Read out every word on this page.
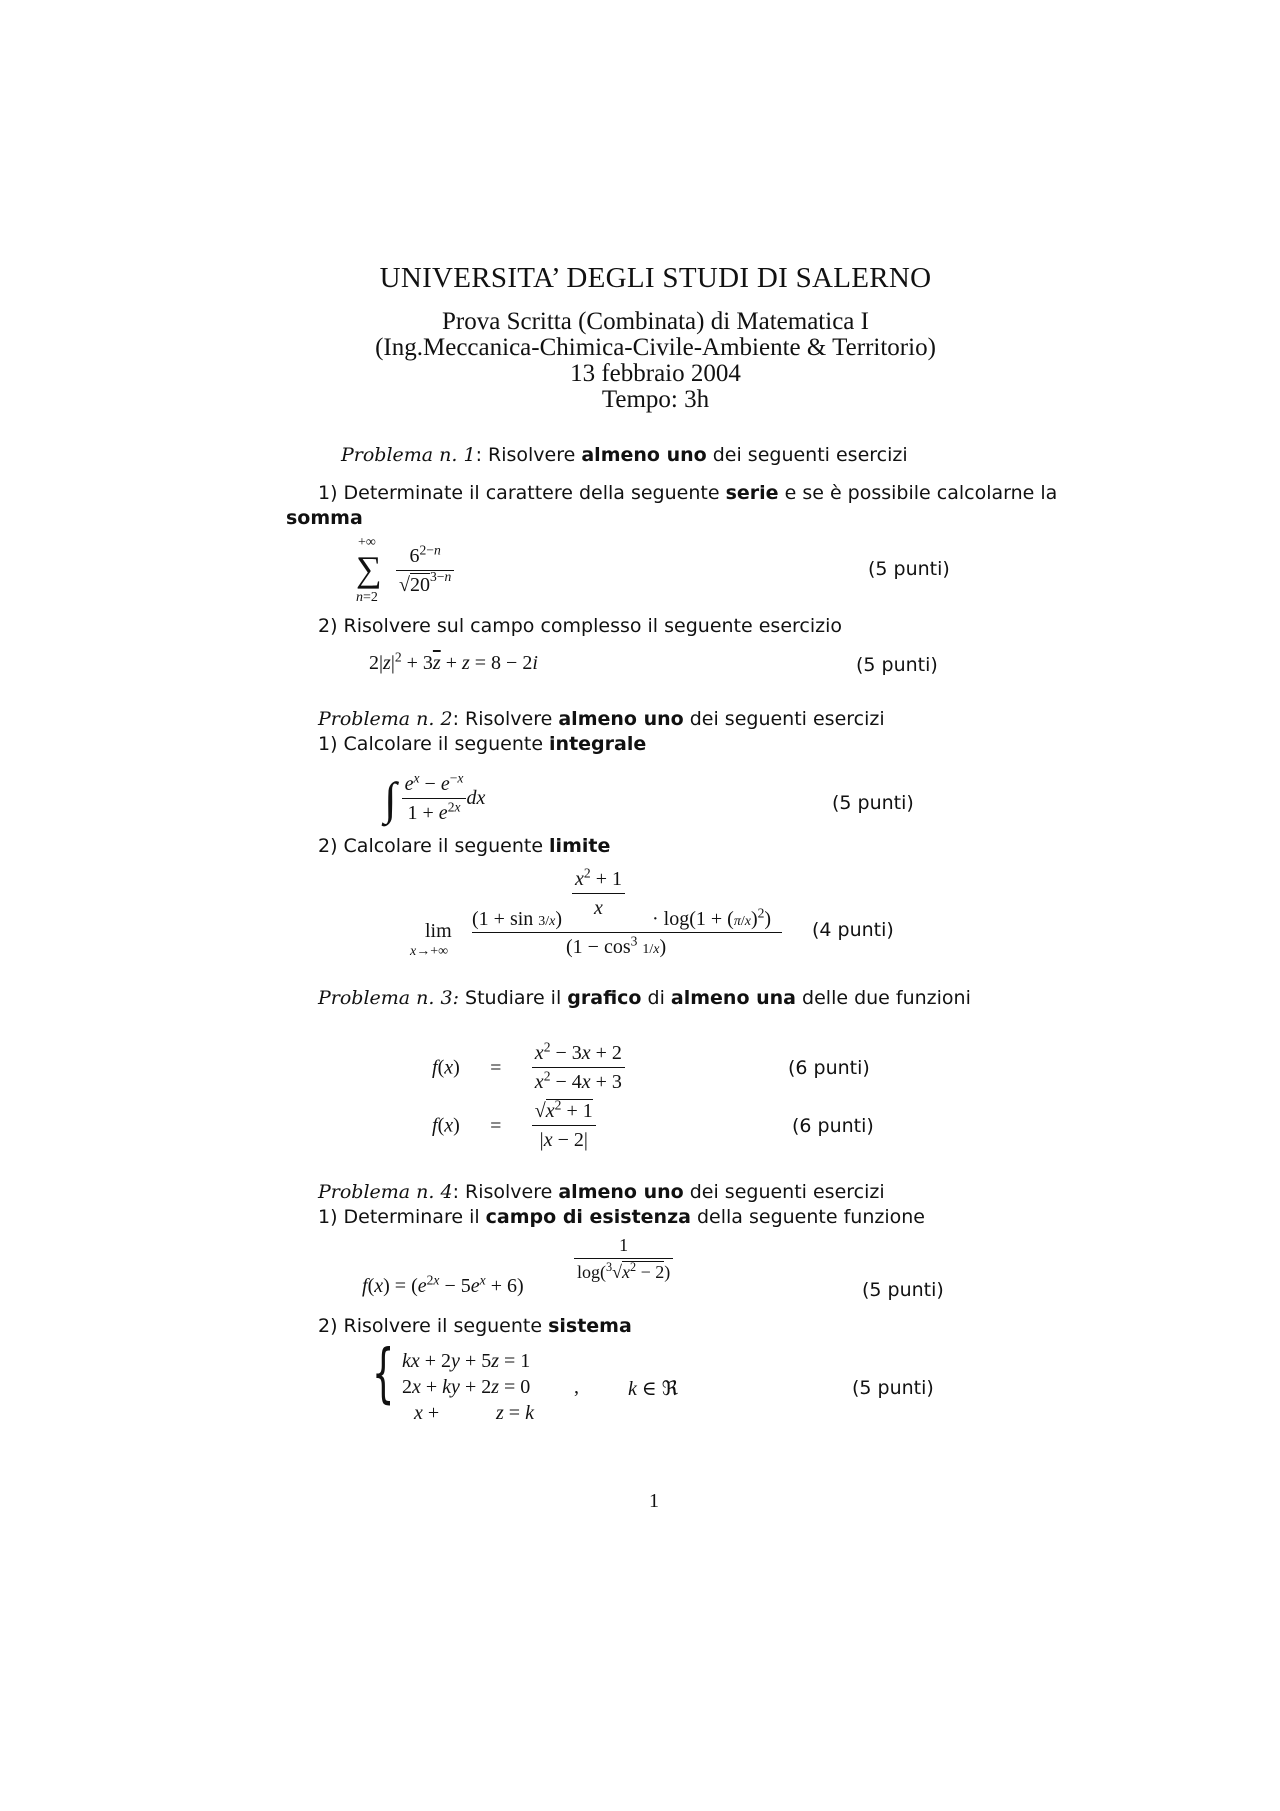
UNIVERSITA’ DEGLI STUDI DI SALERNO
Prova Scritta (Combinata) di Matematica I
(Ing.Meccanica-Chimica-Civile-Ambiente & Territorio)
13 febbraio 2004
Tempo: 3h
Problema n. 1: Risolvere almeno uno dei seguenti esercizi
1) Determinate il carattere della seguente serie e se è possibile calcolarne la
somma
+∞
∑
n=2
$\frac{6^{2-n}}{√20^{3-n}}$	(5 punti)
2) Risolvere sul campo complesso il seguente esercizio
$2|z|^2 + 3\overline{z} + z = 8 - 2i$	(5 punti)
Problema n. 2: Risolvere almeno uno dei seguenti esercizi
1) Calcolare il seguente integrale
∫ $\frac{e^x - e^{-x}}{1 + e^{2x}}$ dx	(5 punti)
2) Calcolare il seguente limite
lim
x→+∞
$\frac{x^2 + 1}{x}$
(1 + sin 3/x)	· $\log(1 + (\pi/x)^2)$
$(1 - \cos^3 1/x)$
(4 punti)
Problema n. 3: Studiare il grafico di almeno una delle due funzioni
$f(x) = \frac{x^2 - 3x + 2}{x^2 - 4x + 3}$	(6 punti)
$f(x) = \frac{√x^2 + 1}{|x - 2|}$	(6 punti)
Problema n. 4: Risolvere almeno uno dei seguenti esercizi
1) Determinare il campo di esistenza della seguente funzione
$f(x) = (e^{2x} - 5e^x + 6)$
$\frac{1}{\log(^3√x^2 - 2)}$
(5 punti)
2) Risolvere il seguente sistema
{ kx + 2y + 5z = 1
2x + ky + 2z = 0
x +	z = k
, k ∈ ℜ	(5 punti)
1
